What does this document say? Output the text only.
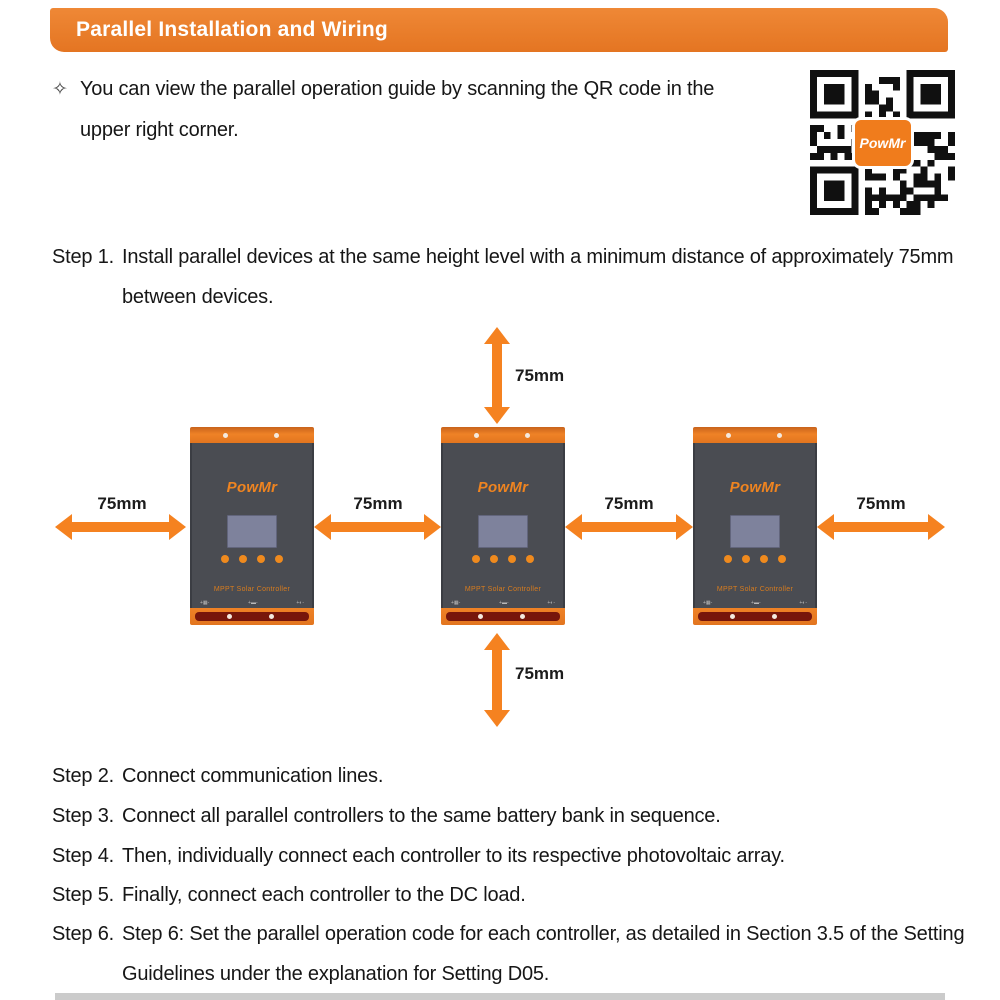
Parallel Installation and Wiring
✧ You can view the parallel operation guide by scanning the QR code in the
upper right corner.
PowMr
Step 1. Install parallel devices at the same height level with a minimum distance of approximately 75mm between devices.
75mm
75mm	75mm	75mm	75mm
75mm
PowMr
MPPT Solar Controller
+▦-	+▬-	+◐-
PowMr
MPPT Solar Controller
+▦-	+▬-	+◐-
PowMr
MPPT Solar Controller
+▦-	+▬-	+◐-
Step 2. Connect communication lines.
Step 3. Connect all parallel controllers to the same battery bank in sequence.
Step 4. Then, individually connect each controller to its respective photovoltaic array.
Step 5. Finally, connect each controller to the DC load.
Step 6. Step 6: Set the parallel operation code for each controller, as detailed in Section 3.5 of the Setting Guidelines under the explanation for Setting D05.
